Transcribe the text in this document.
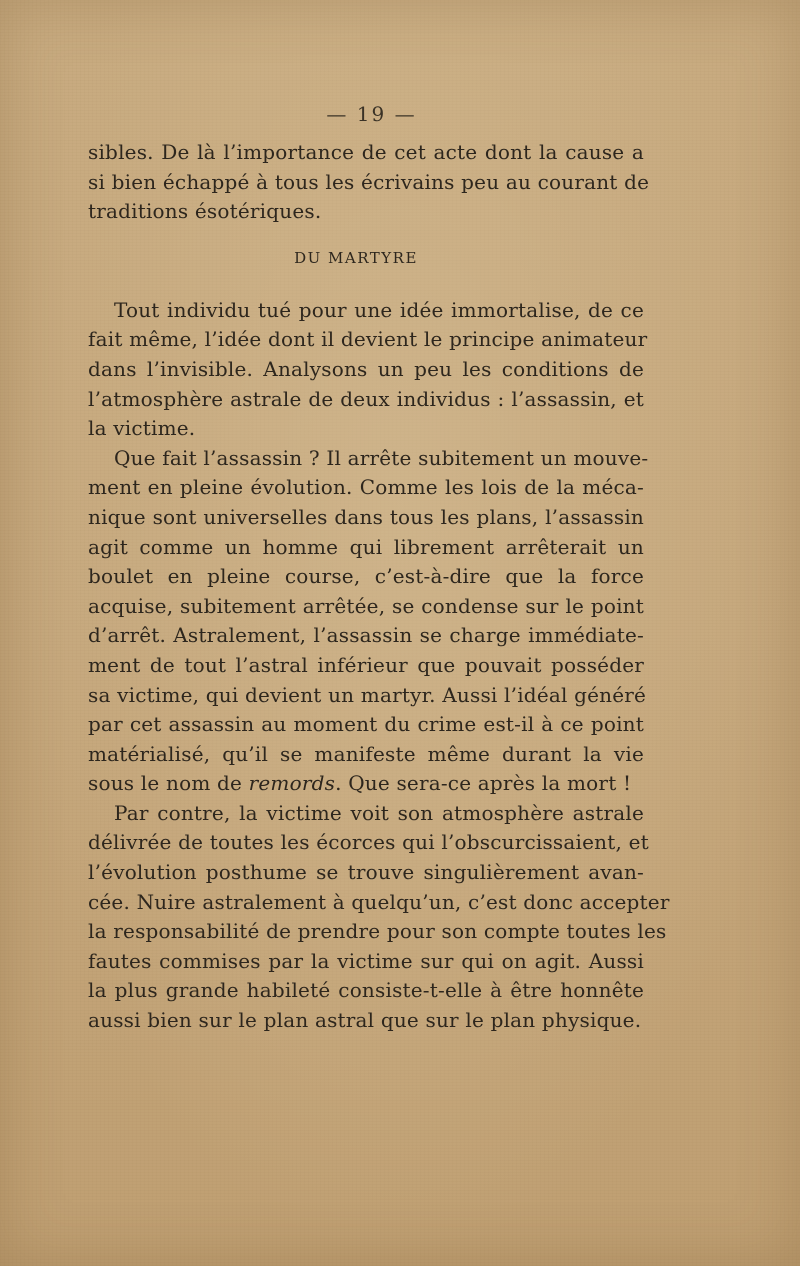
— 19 —
sibles. De là l’importance de cet acte dont la cause a
si bien échappé à tous les écrivains peu au courant de
traditions ésotériques.
DU MARTYRE
Tout individu tué pour une idée immortalise, de ce
fait même, l’idée dont il devient le principe animateur
dans l’invisible. Analysons un peu les conditions de
l’atmosphère astrale de deux individus : l’assassin, et
la victime.
Que fait l’assassin ? Il arrête subitement un mouve-
ment en pleine évolution. Comme les lois de la méca-
nique sont universelles dans tous les plans, l’assassin
agit comme un homme qui librement arrêterait un
boulet en pleine course, c’est-à-dire que la force
acquise, subitement arrêtée, se condense sur le point
d’arrêt. Astralement, l’assassin se charge immédiate-
ment de tout l’astral inférieur que pouvait posséder
sa victime, qui devient un martyr. Aussi l’idéal généré
par cet assassin au moment du crime est-il à ce point
matérialisé, qu’il se manifeste même durant la vie
sous le nom de remords. Que sera-ce après la mort !
Par contre, la victime voit son atmosphère astrale
délivrée de toutes les écorces qui l’obscurcissaient, et
l’évolution posthume se trouve singulièrement avan-
cée. Nuire astralement à quelqu’un, c’est donc accepter
la responsabilité de prendre pour son compte toutes les
fautes commises par la victime sur qui on agit. Aussi
la plus grande habileté consiste-t-elle à être honnête
aussi bien sur le plan astral que sur le plan physique.
